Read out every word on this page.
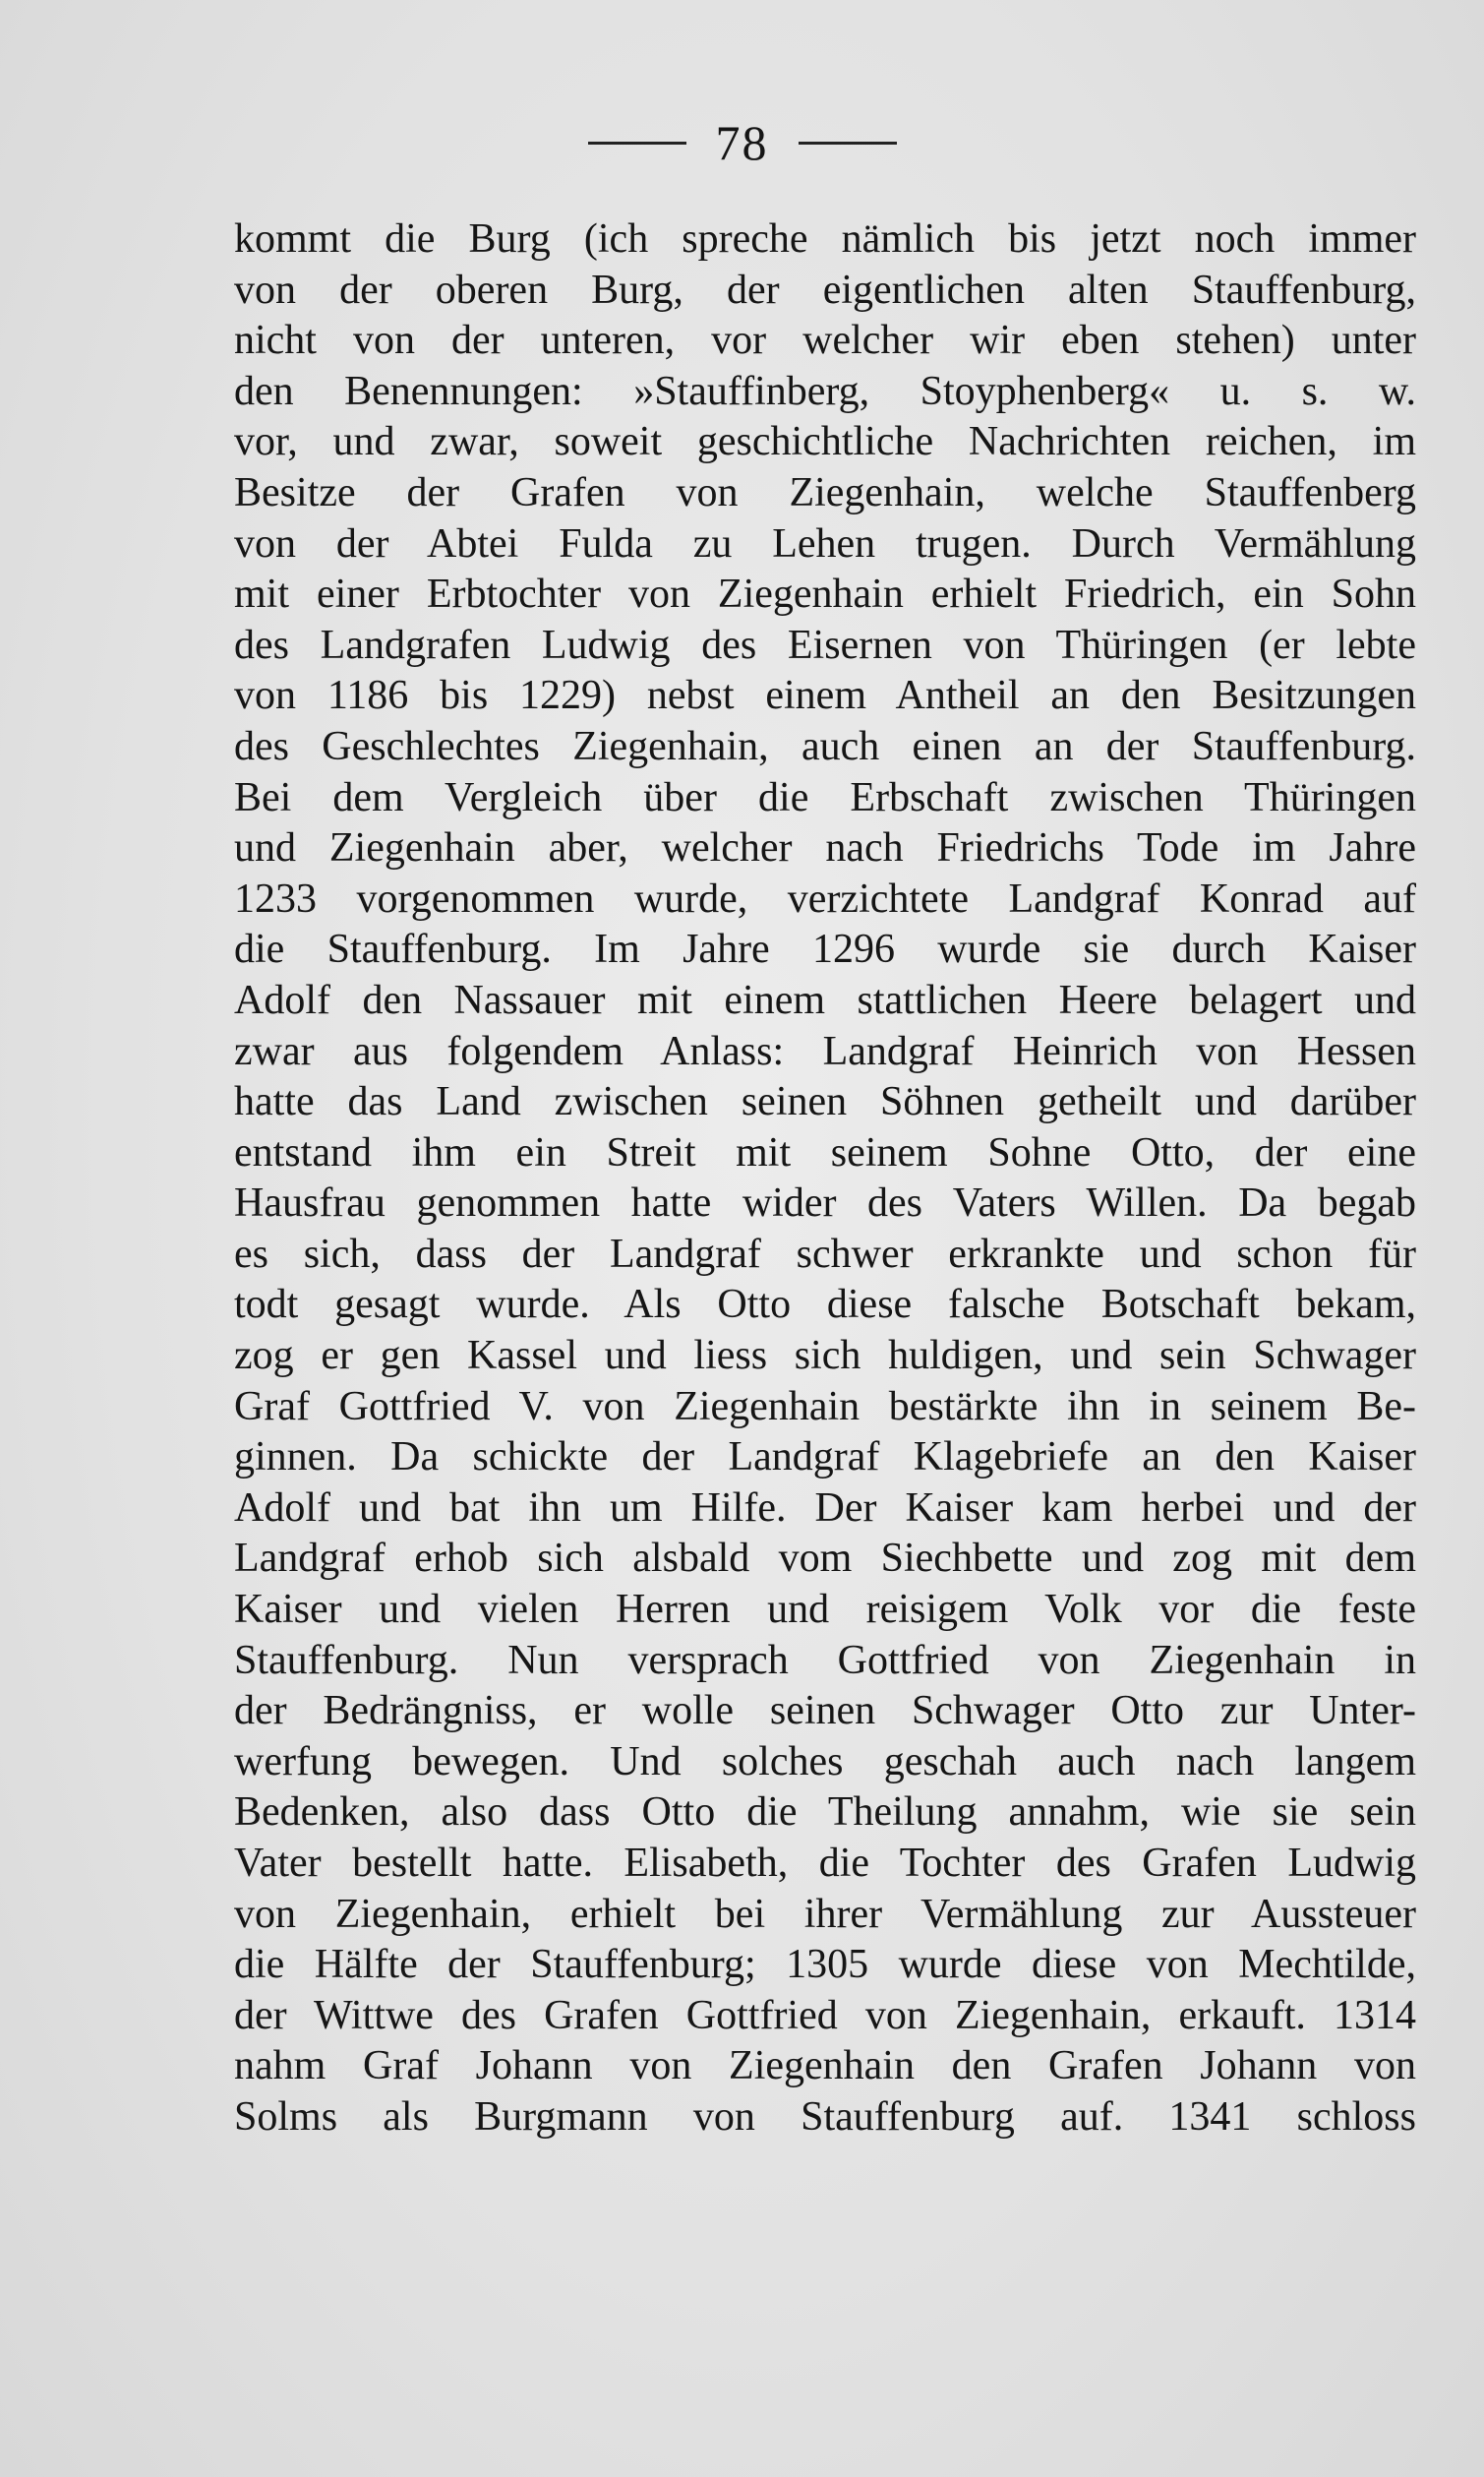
78
kommt die Burg (ich spreche nämlich bis jetzt noch immer
von der oberen Burg, der eigentlichen alten Stauffenburg,
nicht von der unteren, vor welcher wir eben stehen) unter
den Benennungen: »Stauffinberg, Stoyphenberg« u. s. w.
vor, und zwar, soweit geschichtliche Nachrichten reichen, im
Besitze der Grafen von Ziegenhain, welche Stauffenberg
von der Abtei Fulda zu Lehen trugen. Durch Vermählung
mit einer Erbtochter von Ziegenhain erhielt Friedrich, ein Sohn
des Landgrafen Ludwig des Eisernen von Thüringen (er lebte
von 1186 bis 1229) nebst einem Antheil an den Besitzungen
des Geschlechtes Ziegenhain, auch einen an der Stauffenburg.
Bei dem Vergleich über die Erbschaft zwischen Thüringen
und Ziegenhain aber, welcher nach Friedrichs Tode im Jahre
1233 vorgenommen wurde, verzichtete Landgraf Konrad auf
die Stauffenburg. Im Jahre 1296 wurde sie durch Kaiser
Adolf den Nassauer mit einem stattlichen Heere belagert und
zwar aus folgendem Anlass: Landgraf Heinrich von Hessen
hatte das Land zwischen seinen Söhnen getheilt und darüber
entstand ihm ein Streit mit seinem Sohne Otto, der eine
Hausfrau genommen hatte wider des Vaters Willen. Da begab
es sich, dass der Landgraf schwer erkrankte und schon für
todt gesagt wurde. Als Otto diese falsche Botschaft bekam,
zog er gen Kassel und liess sich huldigen, und sein Schwager
Graf Gottfried V. von Ziegenhain bestärkte ihn in seinem Be-
ginnen. Da schickte der Landgraf Klagebriefe an den Kaiser
Adolf und bat ihn um Hilfe. Der Kaiser kam herbei und der
Landgraf erhob sich alsbald vom Siechbette und zog mit dem
Kaiser und vielen Herren und reisigem Volk vor die feste
Stauffenburg. Nun versprach Gottfried von Ziegenhain in
der Bedrängniss, er wolle seinen Schwager Otto zur Unter-
werfung bewegen. Und solches geschah auch nach langem
Bedenken, also dass Otto die Theilung annahm, wie sie sein
Vater bestellt hatte. Elisabeth, die Tochter des Grafen Ludwig
von Ziegenhain, erhielt bei ihrer Vermählung zur Aussteuer
die Hälfte der Stauffenburg; 1305 wurde diese von Mechtilde,
der Wittwe des Grafen Gottfried von Ziegenhain, erkauft. 1314
nahm Graf Johann von Ziegenhain den Grafen Johann von
Solms als Burgmann von Stauffenburg auf. 1341 schloss
